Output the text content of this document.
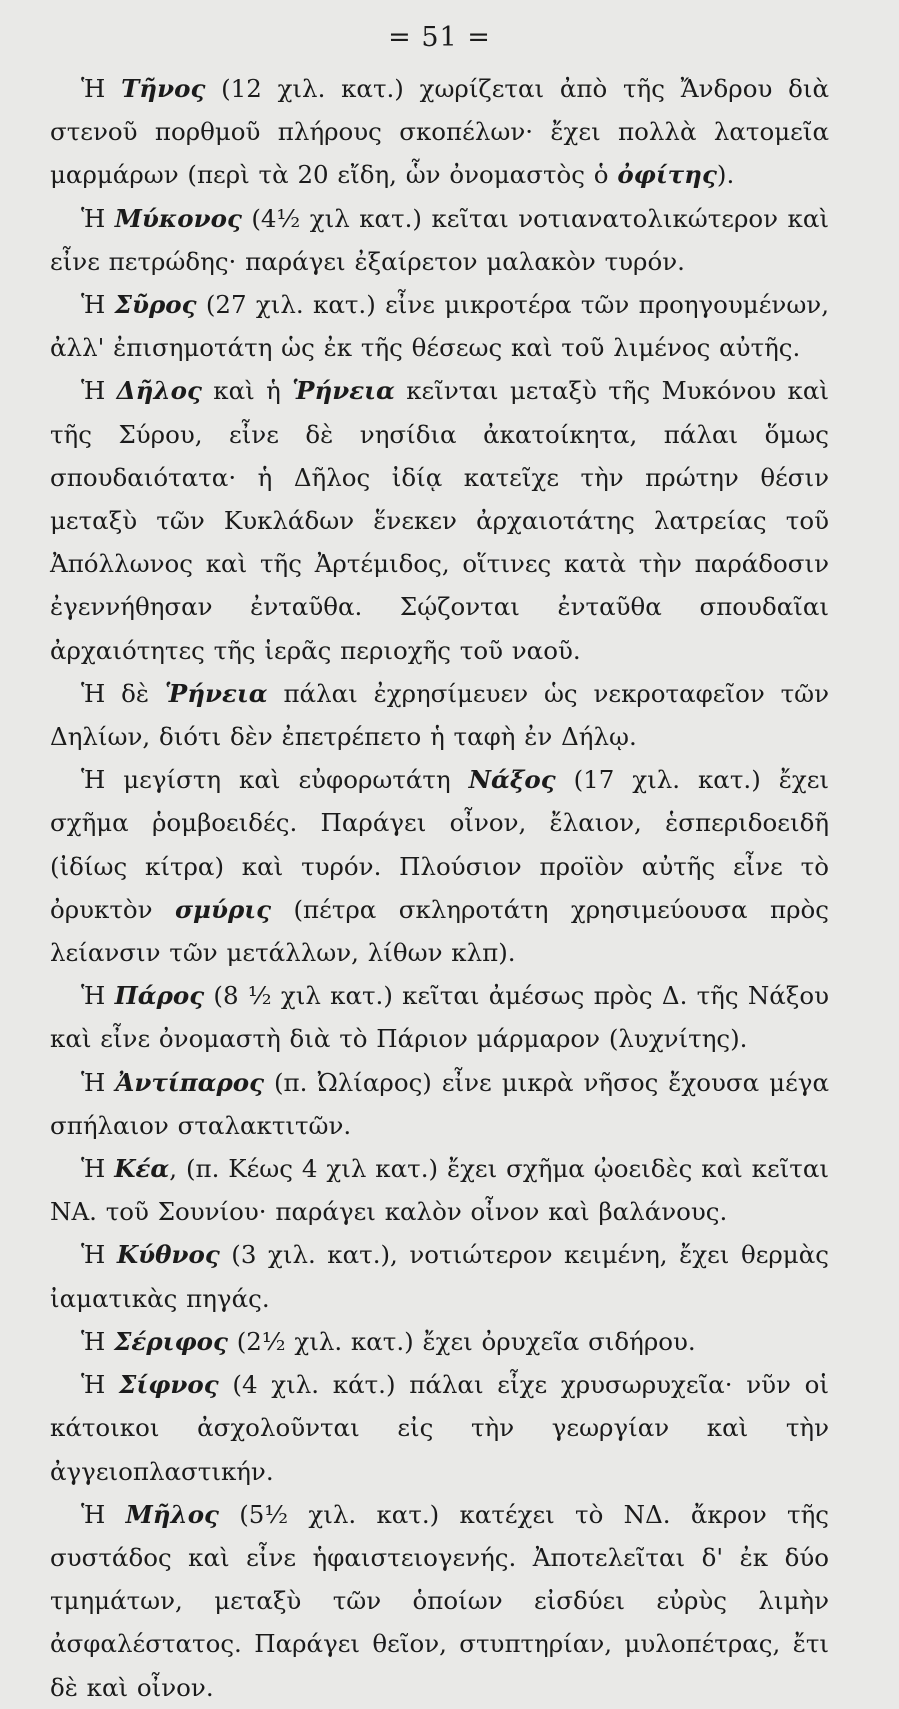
= 51 =

Ἡ Τῆνος (12 χιλ. κατ.) χωρίζεται ἀπὸ τῆς Ἄνδρου διὰ στενοῦ πορθμοῦ πλήρους σκοπέλων· ἔχει πολλὰ λατομεῖα μαρμάρων (περὶ τὰ 20 εἴδη, ὧν ὀνομαστὸς ὁ ὀφίτης).

Ἡ Μύκονος (4½ χιλ κατ.) κεῖται νοτιανατολικώτερον καὶ εἶνε πετρώδης· παράγει ἐξαίρετον μαλακὸν τυρόν.

Ἡ Σῦρος (27 χιλ. κατ.) εἶνε μικροτέρα τῶν προηγουμένων, ἀλλ' ἐπισημοτάτη ὡς ἐκ τῆς θέσεως καὶ τοῦ λιμένος αὐτῆς.

Ἡ Δῆλος καὶ ἡ Ῥήνεια κεῖνται μεταξὺ τῆς Μυκόνου καὶ τῆς Σύρου, εἶνε δὲ νησίδια ἀκατοίκητα, πάλαι ὅμως σπουδαιότατα· ἡ Δῆλος ἰδίᾳ κατεῖχε τὴν πρώτην θέσιν μεταξὺ τῶν Κυκλάδων ἕνεκεν ἀρχαιοτάτης λατρείας τοῦ Ἀπόλλωνος καὶ τῆς Ἀρτέμιδος, οἵτινες κατὰ τὴν παράδοσιν ἐγεννήθησαν ἐνταῦθα. Σῴζονται ἐνταῦθα σπουδαῖαι ἀρχαιότητες τῆς ἱερᾶς περιοχῆς τοῦ ναοῦ.

Ἡ δὲ Ῥήνεια πάλαι ἐχρησίμευεν ὡς νεκροταφεῖον τῶν Δηλίων, διότι δὲν ἐπετρέπετο ἡ ταφὴ ἐν Δήλῳ.

Ἡ μεγίστη καὶ εὐφορωτάτη Νάξος (17 χιλ. κατ.) ἔχει σχῆμα ῥομβοειδές. Παράγει οἶνον, ἔλαιον, ἑσπεριδοειδῆ (ἰδίως κίτρα) καὶ τυρόν. Πλούσιον προϊὸν αὐτῆς εἶνε τὸ ὀρυκτὸν σμύρις (πέτρα σκληροτάτη χρησιμεύουσα πρὸς λείανσιν τῶν μετάλλων, λίθων κλπ).

Ἡ Πάρος (8 ½ χιλ κατ.) κεῖται ἀμέσως πρὸς Δ. τῆς Νάξου καὶ εἶνε ὀνομαστὴ διὰ τὸ Πάριον μάρμαρον (λυχνίτης).

Ἡ Ἀντίπαρος (π. Ὠλίαρος) εἶνε μικρὰ νῆσος ἔχουσα μέγα σπήλαιον σταλακτιτῶν.

Ἡ Κέα, (π. Κέως 4 χιλ κατ.) ἔχει σχῆμα ᾠοειδὲς καὶ κεῖται ΝΑ. τοῦ Σουνίου· παράγει καλὸν οἶνον καὶ βαλάνους.

Ἡ Κύθνος (3 χιλ. κατ.), νοτιώτερον κειμένη, ἔχει θερμὰς ἰαματικὰς πηγάς.

Ἡ Σέριφος (2½ χιλ. κατ.) ἔχει ὀρυχεῖα σιδήρου.

Ἡ Σίφνος (4 χιλ. κάτ.) πάλαι εἶχε χρυσωρυχεῖα· νῦν οἱ κάτοικοι ἀσχολοῦνται εἰς τὴν γεωργίαν καὶ τὴν ἀγγειοπλαστικήν.

Ἡ Μῆλος (5½ χιλ. κατ.) κατέχει τὸ ΝΔ. ἄκρον τῆς συστάδος καὶ εἶνε ἡφαιστειογενής. Ἀποτελεῖται δ' ἐκ δύο τμημάτων, μεταξὺ τῶν ὁποίων εἰσδύει εὐρὺς λιμὴν ἀσφαλέστατος. Παράγει θεῖον, στυπτηρίαν, μυλοπέτρας, ἔτι δὲ καὶ οἶνον.
